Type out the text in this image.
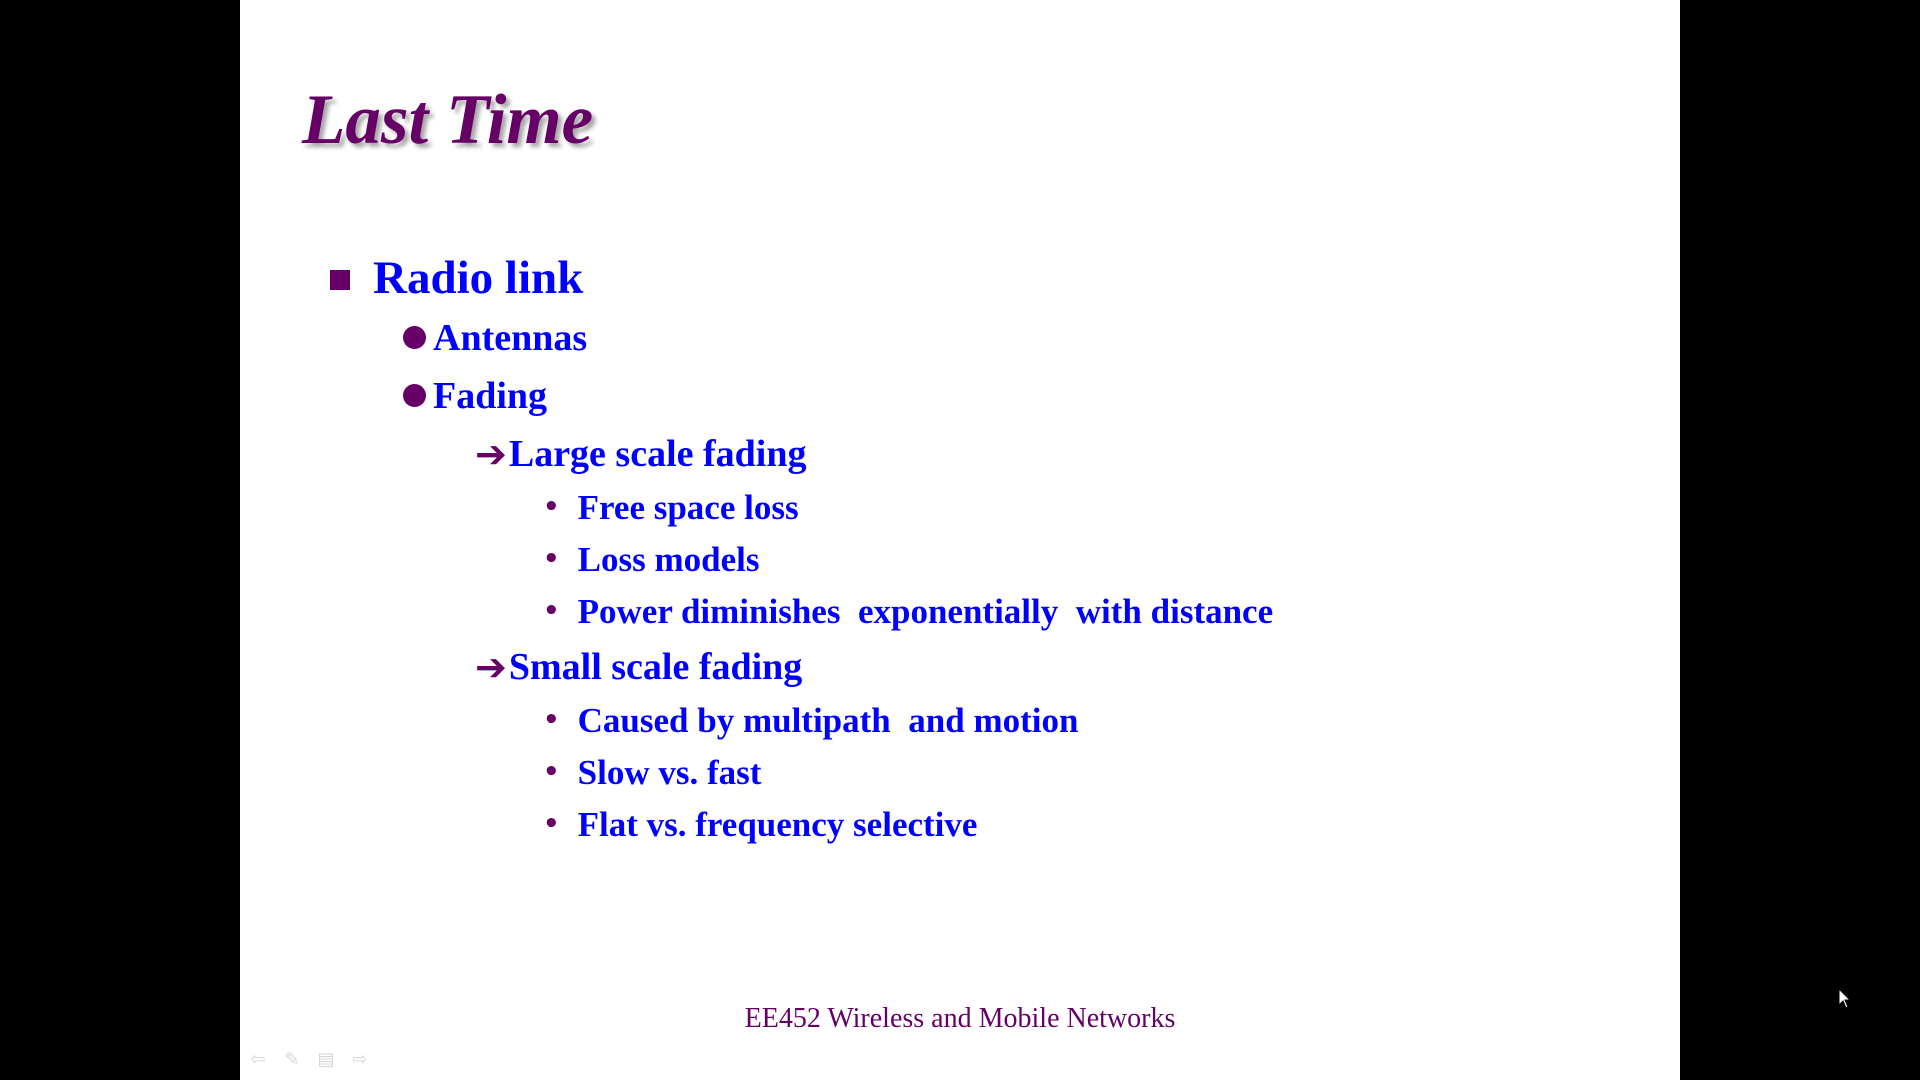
Last Time
Radio link
Antennas
Fading
➔Large scale fading
• Free space loss
• Loss models
• Power diminishes  exponentially  with distance
➔Small scale fading
• Caused by multipath  and motion
• Slow vs. fast
• Flat vs. frequency selective
EE452 Wireless and Mobile Networks
⇦ ✎ ▤ ⇨
